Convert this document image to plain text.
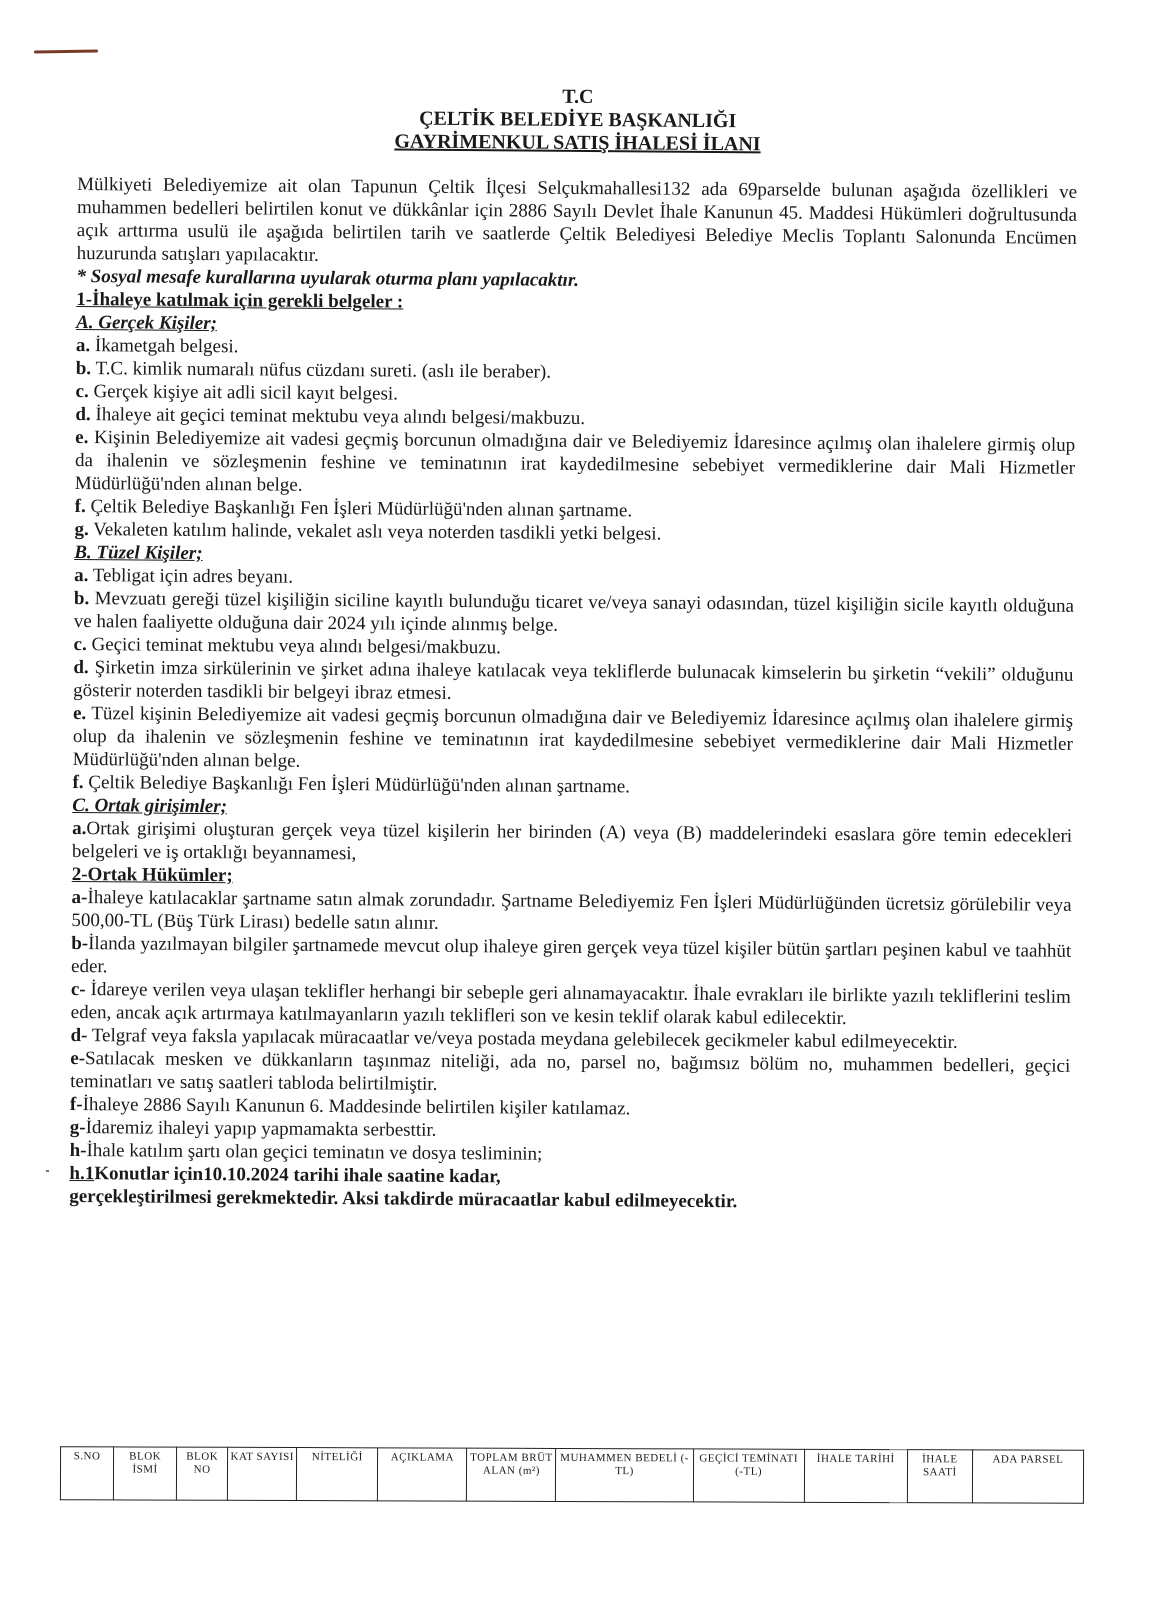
T.C
ÇELTİK BELEDİYE BAŞKANLIĞI
GAYRİMENKUL SATIŞ İHALESİ İLANI
Mülkiyeti Belediyemize ait olan Tapunun Çeltik İlçesi Selçukmahallesi132 ada 69parselde bulunan aşağıda özellikleri ve muhammen bedelleri belirtilen konut ve dükkânlar için 2886 Sayılı Devlet İhale Kanunun 45. Maddesi Hükümleri doğrultusunda açık arttırma usulü ile aşağıda belirtilen tarih ve saatlerde Çeltik Belediyesi Belediye Meclis Toplantı Salonunda Encümen huzurunda satışları yapılacaktır.
* Sosyal mesafe kurallarına uyularak oturma planı yapılacaktır.
1-İhaleye katılmak için gerekli belgeler :
A. Gerçek Kişiler;
a. İkametgah belgesi.
b. T.C. kimlik numaralı nüfus cüzdanı sureti. (aslı ile beraber).
c. Gerçek kişiye ait adli sicil kayıt belgesi.
d. İhaleye ait geçici teminat mektubu veya alındı belgesi/makbuzu.
e. Kişinin Belediyemize ait vadesi geçmiş borcunun olmadığına dair ve Belediyemiz İdaresince açılmış olan ihalelere girmiş olup da ihalenin ve sözleşmenin feshine ve teminatının irat kaydedilmesine sebebiyet vermediklerine dair Mali Hizmetler Müdürlüğü'nden alınan belge.
f. Çeltik Belediye Başkanlığı Fen İşleri Müdürlüğü'nden alınan şartname.
g. Vekaleten katılım halinde, vekalet aslı veya noterden tasdikli yetki belgesi.
B. Tüzel Kişiler;
a. Tebligat için adres beyanı.
b. Mevzuatı gereği tüzel kişiliğin siciline kayıtlı bulunduğu ticaret ve/veya sanayi odasından, tüzel kişiliğin sicile kayıtlı olduğuna ve halen faaliyette olduğuna dair 2024 yılı içinde alınmış belge.
c. Geçici teminat mektubu veya alındı belgesi/makbuzu.
d. Şirketin imza sirkülerinin ve şirket adına ihaleye katılacak veya tekliflerde bulunacak kimselerin bu şirketin “vekili” olduğunu gösterir noterden tasdikli bir belgeyi ibraz etmesi.
e. Tüzel kişinin Belediyemize ait vadesi geçmiş borcunun olmadığına dair ve Belediyemiz İdaresince açılmış olan ihalelere girmiş olup da ihalenin ve sözleşmenin feshine ve teminatının irat kaydedilmesine sebebiyet vermediklerine dair Mali Hizmetler Müdürlüğü'nden alınan belge.
f. Çeltik Belediye Başkanlığı Fen İşleri Müdürlüğü'nden alınan şartname.
C. Ortak girişimler;
a.Ortak girişimi oluşturan gerçek veya tüzel kişilerin her birinden (A) veya (B) maddelerindeki esaslara göre temin edecekleri belgeleri ve iş ortaklığı beyannamesi,
2-Ortak Hükümler;
a-İhaleye katılacaklar şartname satın almak zorundadır. Şartname Belediyemiz Fen İşleri Müdürlüğünden ücretsiz görülebilir veya 500,00-TL (Büş Türk Lirası) bedelle satın alınır.
b-İlanda yazılmayan bilgiler şartnamede mevcut olup ihaleye giren gerçek veya tüzel kişiler bütün şartları peşinen kabul ve taahhüt eder.
c- İdareye verilen veya ulaşan teklifler herhangi bir sebeple geri alınamayacaktır. İhale evrakları ile birlikte yazılı tekliflerini teslim eden, ancak açık artırmaya katılmayanların yazılı teklifleri son ve kesin teklif olarak kabul edilecektir.
d- Telgraf veya faksla yapılacak müracaatlar ve/veya postada meydana gelebilecek gecikmeler kabul edilmeyecektir.
e-Satılacak mesken ve dükkanların taşınmaz niteliği, ada no, parsel no, bağımsız bölüm no, muhammen bedelleri, geçici teminatları ve satış saatleri tabloda belirtilmiştir.
f-İhaleye 2886 Sayılı Kanunun 6. Maddesinde belirtilen kişiler katılamaz.
g-İdaremiz ihaleyi yapıp yapmamakta serbesttir.
h-İhale katılım şartı olan geçici teminatın ve dosya tesliminin;
h.1Konutlar için10.10.2024 tarihi ihale saatine kadar,
gerçekleştirilmesi gerekmektedir. Aksi takdirde müracaatlar kabul edilmeyecektir.
S.NO	BLOK İSMİ	BLOK NO	KAT SAYISI	NİTELİĞİ	AÇIKLAMA	TOPLAM BRÜT ALAN (m²)	MUHAMMEN BEDELİ (-TL)	GEÇİCİ TEMİNATI (-TL)	İHALE TARİHİ	İHALE SAATİ	ADA PARSEL
